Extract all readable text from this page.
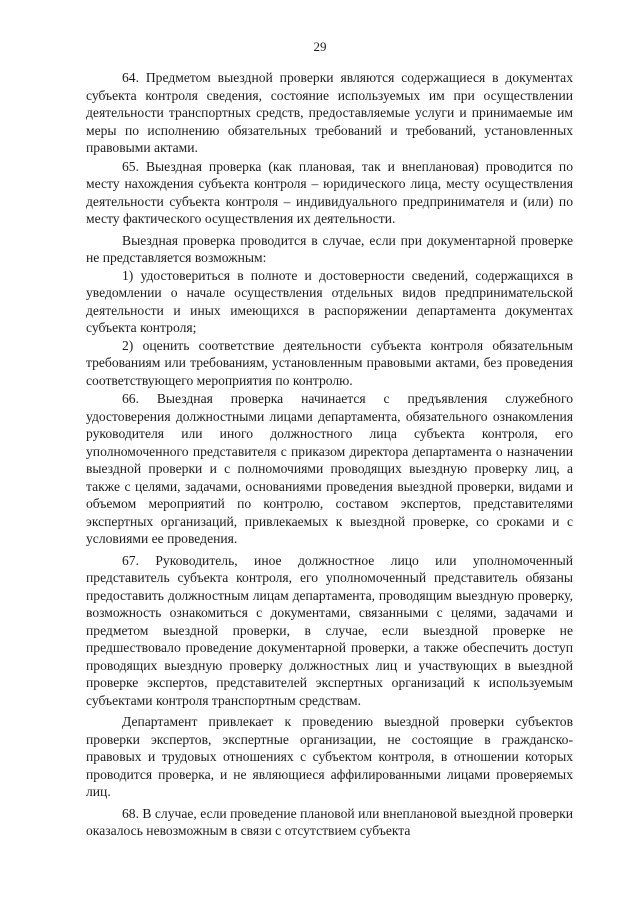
29

64. Предметом выездной проверки являются содержащиеся в документах субъекта контроля сведения, состояние используемых им при осуществлении деятельности транспортных средств, предоставляемые услуги и принимаемые им меры по исполнению обязательных требований и требований, установленных правовыми актами.

65. Выездная проверка (как плановая, так и внеплановая) проводится по месту нахождения субъекта контроля – юридического лица, месту осуществления деятельности субъекта контроля – индивидуального предпринимателя и (или) по месту фактического осуществления их деятельности.

Выездная проверка проводится в случае, если при документарной проверке не представляется возможным:

1) удостовериться в полноте и достоверности сведений, содержащихся в уведомлении о начале осуществления отдельных видов предпринимательской деятельности и иных имеющихся в распоряжении департамента документах субъекта контроля;

2) оценить соответствие деятельности субъекта контроля обязательным требованиям или требованиям, установленным правовыми актами, без проведения соответствующего мероприятия по контролю.

66. Выездная проверка начинается с предъявления служебного удостоверения должностными лицами департамента, обязательного ознакомления руководителя или иного должностного лица субъекта контроля, его уполномоченного представителя с приказом директора департамента о назначении выездной проверки и с полномочиями проводящих выездную проверку лиц, а также с целями, задачами, основаниями проведения выездной проверки, видами и объемом мероприятий по контролю, составом экспертов, представителями экспертных организаций, привлекаемых к выездной проверке, со сроками и с условиями ее проведения.

67. Руководитель, иное должностное лицо или уполномоченный представитель субъекта контроля, его уполномоченный представитель обязаны предоставить должностным лицам департамента, проводящим выездную проверку, возможность ознакомиться с документами, связанными с целями, задачами и предметом выездной проверки, в случае, если выездной проверке не предшествовало проведение документарной проверки, а также обеспечить доступ проводящих выездную проверку должностных лиц и участвующих в выездной проверке экспертов, представителей экспертных организаций к используемым субъектами контроля транспортным средствам.

Департамент привлекает к проведению выездной проверки субъектов проверки экспертов, экспертные организации, не состоящие в гражданско-правовых и трудовых отношениях с субъектом контроля, в отношении которых проводится проверка, и не являющиеся аффилированными лицами проверяемых лиц.

68. В случае, если проведение плановой или внеплановой выездной проверки оказалось невозможным в связи с отсутствием субъекта
